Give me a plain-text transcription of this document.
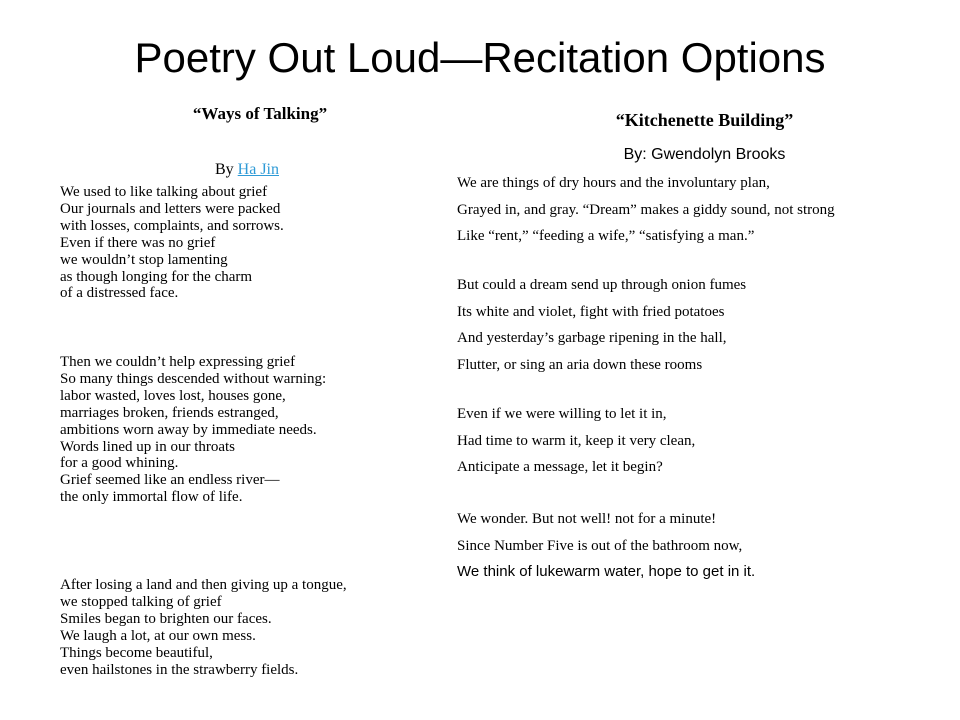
Poetry Out Loud—Recitation Options
“Ways of Talking”
By Ha Jin
We used to like talking about grief
Our journals and letters were packed
with losses, complaints, and sorrows.
Even if there was no grief
we wouldn’t stop lamenting
as though longing for the charm
of a distressed face.
Then we couldn’t help expressing grief
So many things descended without warning:
labor wasted, loves lost, houses gone,
marriages broken, friends estranged,
ambitions worn away by immediate needs.
Words lined up in our throats
for a good whining.
Grief seemed like an endless river—
the only immortal flow of life.
After losing a land and then giving up a tongue,
we stopped talking of grief
Smiles began to brighten our faces.
We laugh a lot, at our own mess.
Things become beautiful,
even hailstones in the strawberry fields.
“Kitchenette Building”
By: Gwendolyn Brooks
We are things of dry hours and the involuntary plan,
Grayed in, and gray. “Dream” makes a giddy sound, not strong
Like “rent,” “feeding a wife,” “satisfying a man.”
But could a dream send up through onion fumes
Its white and violet, fight with fried potatoes
And yesterday’s garbage ripening in the hall,
Flutter, or sing an aria down these rooms
Even if we were willing to let it in,
Had time to warm it, keep it very clean,
Anticipate a message, let it begin?
We wonder. But not well! not for a minute!
Since Number Five is out of the bathroom now,
We think of lukewarm water, hope to get in it.
